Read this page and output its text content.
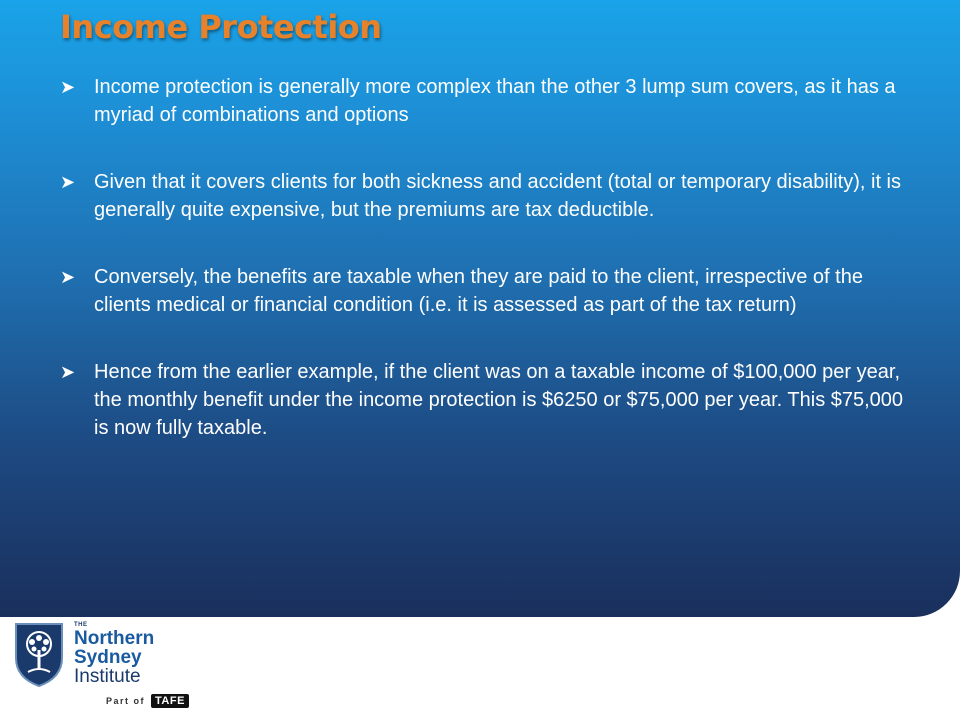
Income Protection
➤ Income protection is generally more complex than the other 3 lump sum covers, as it has a myriad of combinations and options
➤ Given that it covers clients for both sickness and accident (total or temporary disability), it is generally quite expensive, but the premiums are tax deductible.
➤ Conversely, the benefits are taxable when they are paid to the client, irrespective of the clients medical or financial condition (i.e. it is assessed as part of the tax return)
➤ Hence from the earlier example, if the client was on a taxable income of $100,000 per year, the monthly benefit under the income protection is $6250 or $75,000 per year. This $75,000 is now fully taxable.
THE
Northern
Sydney
Institute
Part of TAFE
